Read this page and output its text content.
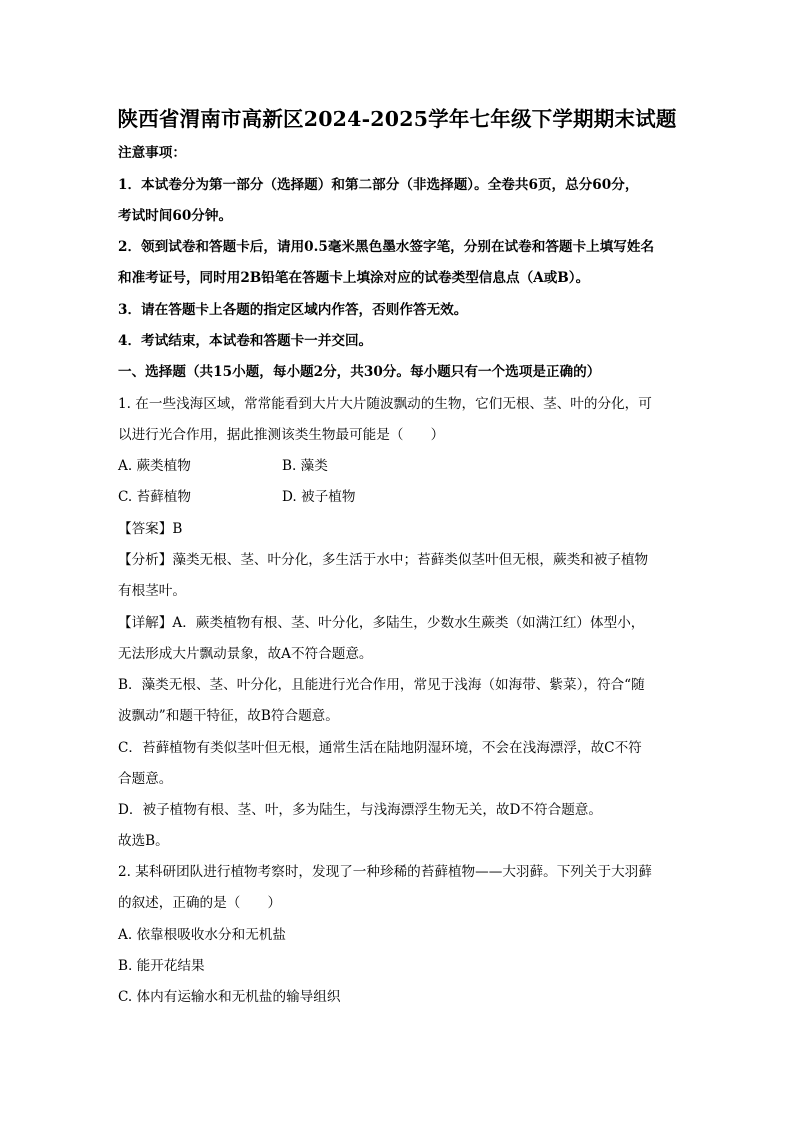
陕西省渭南市高新区2024-2025学年七年级下学期期末试题
注意事项：
1．本试卷分为第一部分（选择题）和第二部分（非选择题）。全卷共6页，总分60分，
考试时间60分钟。
2．领到试卷和答题卡后，请用0.5毫米黑色墨水签字笔，分别在试卷和答题卡上填写姓名
和准考证号，同时用2B铅笔在答题卡上填涂对应的试卷类型信息点（A或B）。
3．请在答题卡上各题的指定区域内作答，否则作答无效。
4．考试结束，本试卷和答题卡一并交回。
一、选择题（共15小题，每小题2分，共30分。每小题只有一个选项是正确的）
1. 在一些浅海区域，常常能看到大片大片随波飘动的生物，它们无根、茎、叶的分化，可
以进行光合作用，据此推测该类生物最可能是（　　）
A. 蕨类植物	B. 藻类
C. 苔藓植物	D. 被子植物
【答案】B
【分析】藻类无根、茎、叶分化，多生活于水中；苔藓类似茎叶但无根，蕨类和被子植物
有根茎叶。
【详解】A．蕨类植物有根、茎、叶分化，多陆生，少数水生蕨类（如满江红）体型小，
无法形成大片飘动景象，故A不符合题意。
B．藻类无根、茎、叶分化，且能进行光合作用，常见于浅海（如海带、紫菜），符合“随
波飘动”和题干特征，故B符合题意。
C．苔藓植物有类似茎叶但无根，通常生活在陆地阴湿环境，不会在浅海漂浮，故C不符
合题意。
D．被子植物有根、茎、叶，多为陆生，与浅海漂浮生物无关，故D不符合题意。
故选B。
2. 某科研团队进行植物考察时，发现了一种珍稀的苔藓植物——大羽藓。下列关于大羽藓
的叙述，正确的是（　　）
A. 依靠根吸收水分和无机盐
B. 能开花结果
C. 体内有运输水和无机盐的输导组织
